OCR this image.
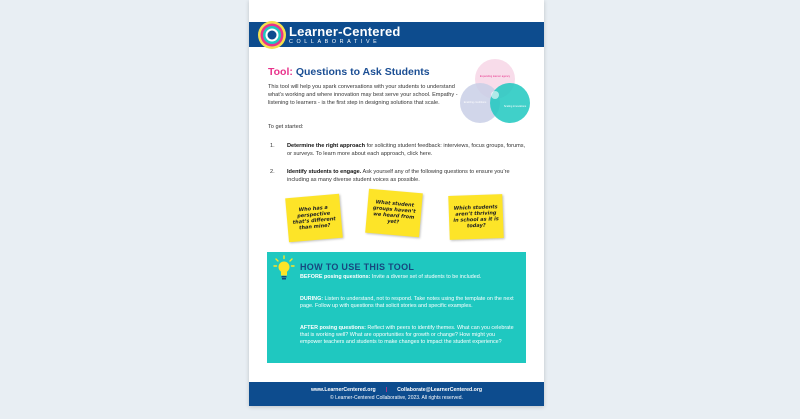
Learner-Centered
COLLABORATIVE
Expanding learner agency
Enabling conditions
Scaling innovations
Tool: Questions to Ask Students
This tool will help you spark conversations with your students to understand what’s working and where innovation may best serve your school. Empathy - listening to learners - is the first step in designing solutions that scale.
To get started:
1. Determine the right approach for soliciting student feedback: interviews, focus groups, forums, or surveys. To learn more about each approach, click here.
2. Identify students to engage. Ask yourself any of the following questions to ensure you’re including as many diverse student voices as possible.
Who has a perspective that’s different than mine?
What student groups haven’t we heard from yet?
Which students aren’t thriving in school as it is today?
HOW TO USE THIS TOOL
BEFORE posing questions: Invite a diverse set of students to be included.
DURING: Listen to understand, not to respond. Take notes using the template on the next page. Follow up with questions that solicit stories and specific examples.
AFTER posing questions: Reflect with peers to identify themes. What can you celebrate that is working well? What are opportunities for growth or change? How might you empower teachers and students to make changes to impact the student experience?
www.LearnerCentered.org | Collaborate@LearnerCentered.org
© Learner-Centered Collaborative, 2023. All rights reserved.
